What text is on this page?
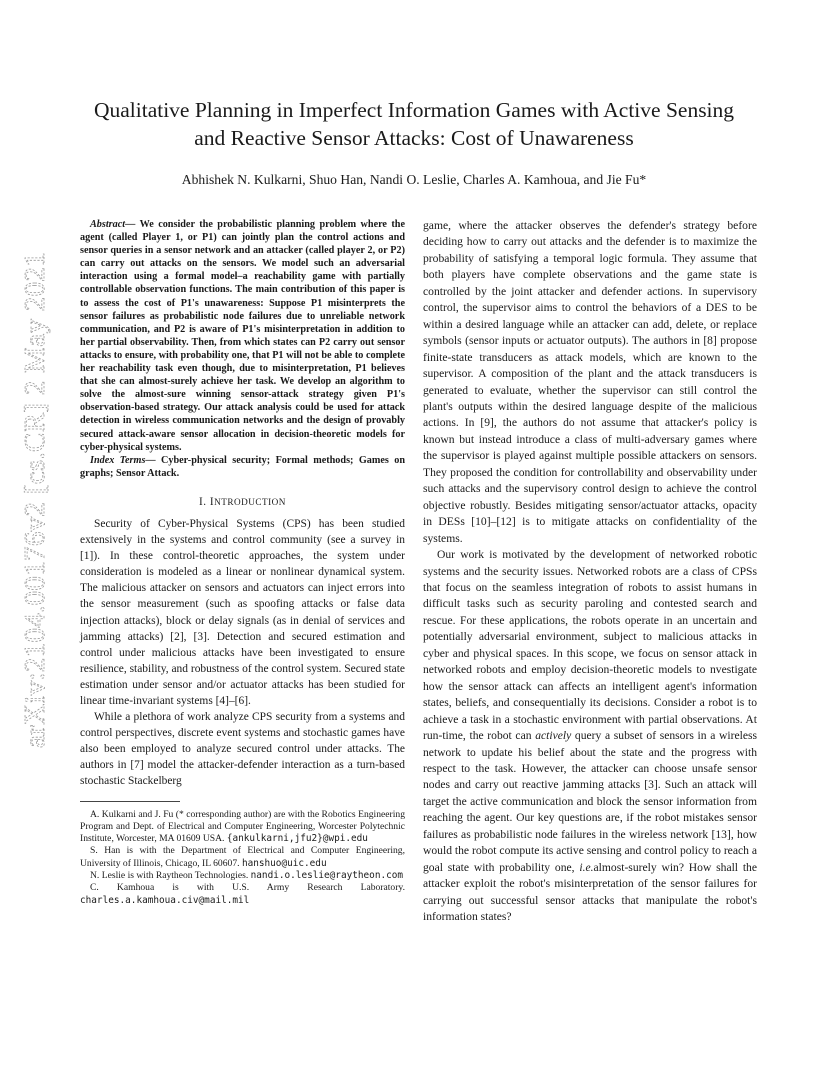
arXiv:2104.00176v2 [cs.CR] 2 May 2021
Qualitative Planning in Imperfect Information Games with Active Sensing
and Reactive Sensor Attacks: Cost of Unawareness
Abhishek N. Kulkarni, Shuo Han, Nandi O. Leslie, Charles A. Kamhoua, and Jie Fu*
Abstract— We consider the probabilistic planning problem where the agent (called Player 1, or P1) can jointly plan the control actions and sensor queries in a sensor network and an attacker (called player 2, or P2) can carry out attacks on the sensors. We model such an adversarial interaction using a formal model–a reachability game with partially controllable observation functions. The main contribution of this paper is to assess the cost of P1's unawareness: Suppose P1 misinterprets the sensor failures as probabilistic node failures due to unreliable network communication, and P2 is aware of P1's misinterpretation in addition to her partial observability. Then, from which states can P2 carry out sensor attacks to ensure, with probability one, that P1 will not be able to complete her reachability task even though, due to misinterpretation, P1 believes that she can almost-surely achieve her task. We develop an algorithm to solve the almost-sure winning sensor-attack strategy given P1's observation-based strategy. Our attack analysis could be used for attack detection in wireless communication networks and the design of provably secured attack-aware sensor allocation in decision-theoretic models for cyber-physical systems.
Index Terms— Cyber-physical security; Formal methods; Games on graphs; Sensor Attack.
I. INTRODUCTION

Security of Cyber-Physical Systems (CPS) has been studied extensively in the systems and control community (see a survey in [1]). In these control-theoretic approaches, the system under consideration is modeled as a linear or nonlinear dynamical system. The malicious attacker on sensors and actuators can inject errors into the sensor measurement (such as spoofing attacks or false data injection attacks), block or delay signals (as in denial of services and jamming attacks) [2], [3]. Detection and secured estimation and control under malicious attacks have been investigated to ensure resilience, stability, and robustness of the control system. Secured state estimation under sensor and/or actuator attacks has been studied for linear time-invariant systems [4]–[6].

While a plethora of work analyze CPS security from a systems and control perspectives, discrete event systems and stochastic games have also been employed to analyze secured control under attacks. The authors in [7] model the attacker-defender interaction as a turn-based stochastic Stackelberg

A. Kulkarni and J. Fu (* corresponding author) are with the Robotics Engineering Program and Dept. of Electrical and Computer Engineering, Worcester Polytechnic Institute, Worcester, MA 01609 USA. {ankulkarni,jfu2}@wpi.edu
S. Han is with the Department of Electrical and Computer Engineering, University of Illinois, Chicago, IL 60607. hanshuo@uic.edu
N. Leslie is with Raytheon Technologies. nandi.o.leslie@raytheon.com
C. Kamhoua is with U.S. Army Research Laboratory. charles.a.kamhoua.civ@mail.mil

game, where the attacker observes the defender's strategy before deciding how to carry out attacks and the defender is to maximize the probability of satisfying a temporal logic formula. They assume that both players have complete observations and the game state is controlled by the joint attacker and defender actions. In supervisory control, the supervisor aims to control the behaviors of a DES to be within a desired language while an attacker can add, delete, or replace symbols (sensor inputs or actuator outputs). The authors in [8] propose finite-state transducers as attack models, which are known to the supervisor. A composition of the plant and the attack transducers is generated to evaluate, whether the supervisor can still control the plant's outputs within the desired language despite of the malicious actions. In [9], the authors do not assume that attacker's policy is known but instead introduce a class of multi-adversary games where the supervisor is played against multiple possible attackers on sensors. They proposed the condition for controllability and observability under such attacks and the supervisory control design to achieve the control objective robustly. Besides mitigating sensor/actuator attacks, opacity in DESs [10]–[12] is to mitigate attacks on confidentiality of the systems.

Our work is motivated by the development of networked robotic systems and the security issues. Networked robots are a class of CPSs that focus on the seamless integration of robots to assist humans in difficult tasks such as security paroling and contested search and rescue. For these applications, the robots operate in an uncertain and potentially adversarial environment, subject to malicious attacks in cyber and physical spaces. In this scope, we focus on sensor attack in networked robots and employ decision-theoretic models to nvestigate how the sensor attack can affects an intelligent agent's information states, beliefs, and consequentially its decisions. Consider a robot is to achieve a task in a stochastic environment with partial observations. At run-time, the robot can actively query a subset of sensors in a wireless network to update his belief about the state and the progress with respect to the task. However, the attacker can choose unsafe sensor nodes and carry out reactive jamming attacks [3]. Such an attack will target the active communication and block the sensor information from reaching the agent. Our key questions are, if the robot mistakes sensor failures as probabilistic node failures in the wireless network [13], how would the robot compute its active sensing and control policy to reach a goal state with probability one, i.e.almost-surely win? How shall the attacker exploit the robot's misinterpretation of the sensor failures for carrying out successful sensor attacks that manipulate the robot's information states?
